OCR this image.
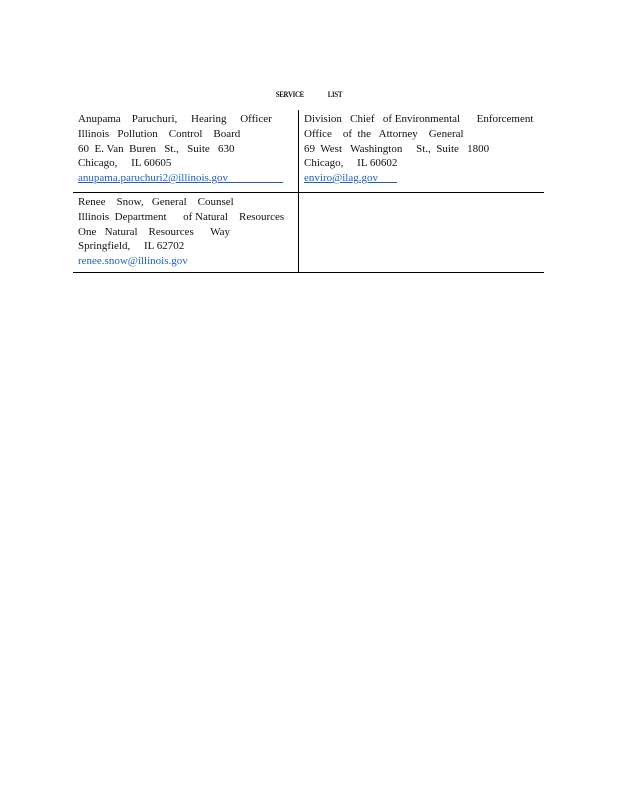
SERVICE	LIST
Anupama    Paruchuri,     Hearing     Officer
Illinois   Pollution    Control    Board
60  E. Van  Buren   St.,   Suite   630
Chicago,     IL 60605
anupama.paruchuri2@illinois.gov
Division   Chief   of Environmental      Enforcement
Office    of  the   Attorney    General
69  West   Washington     St.,  Suite   1800
Chicago,     IL 60602
enviro@ilag.gov
Renee    Snow,   General    Counsel
Illinois  Department      of Natural    Resources
One   Natural    Resources      Way
Springfield,     IL 62702
renee.snow@illinois.gov
